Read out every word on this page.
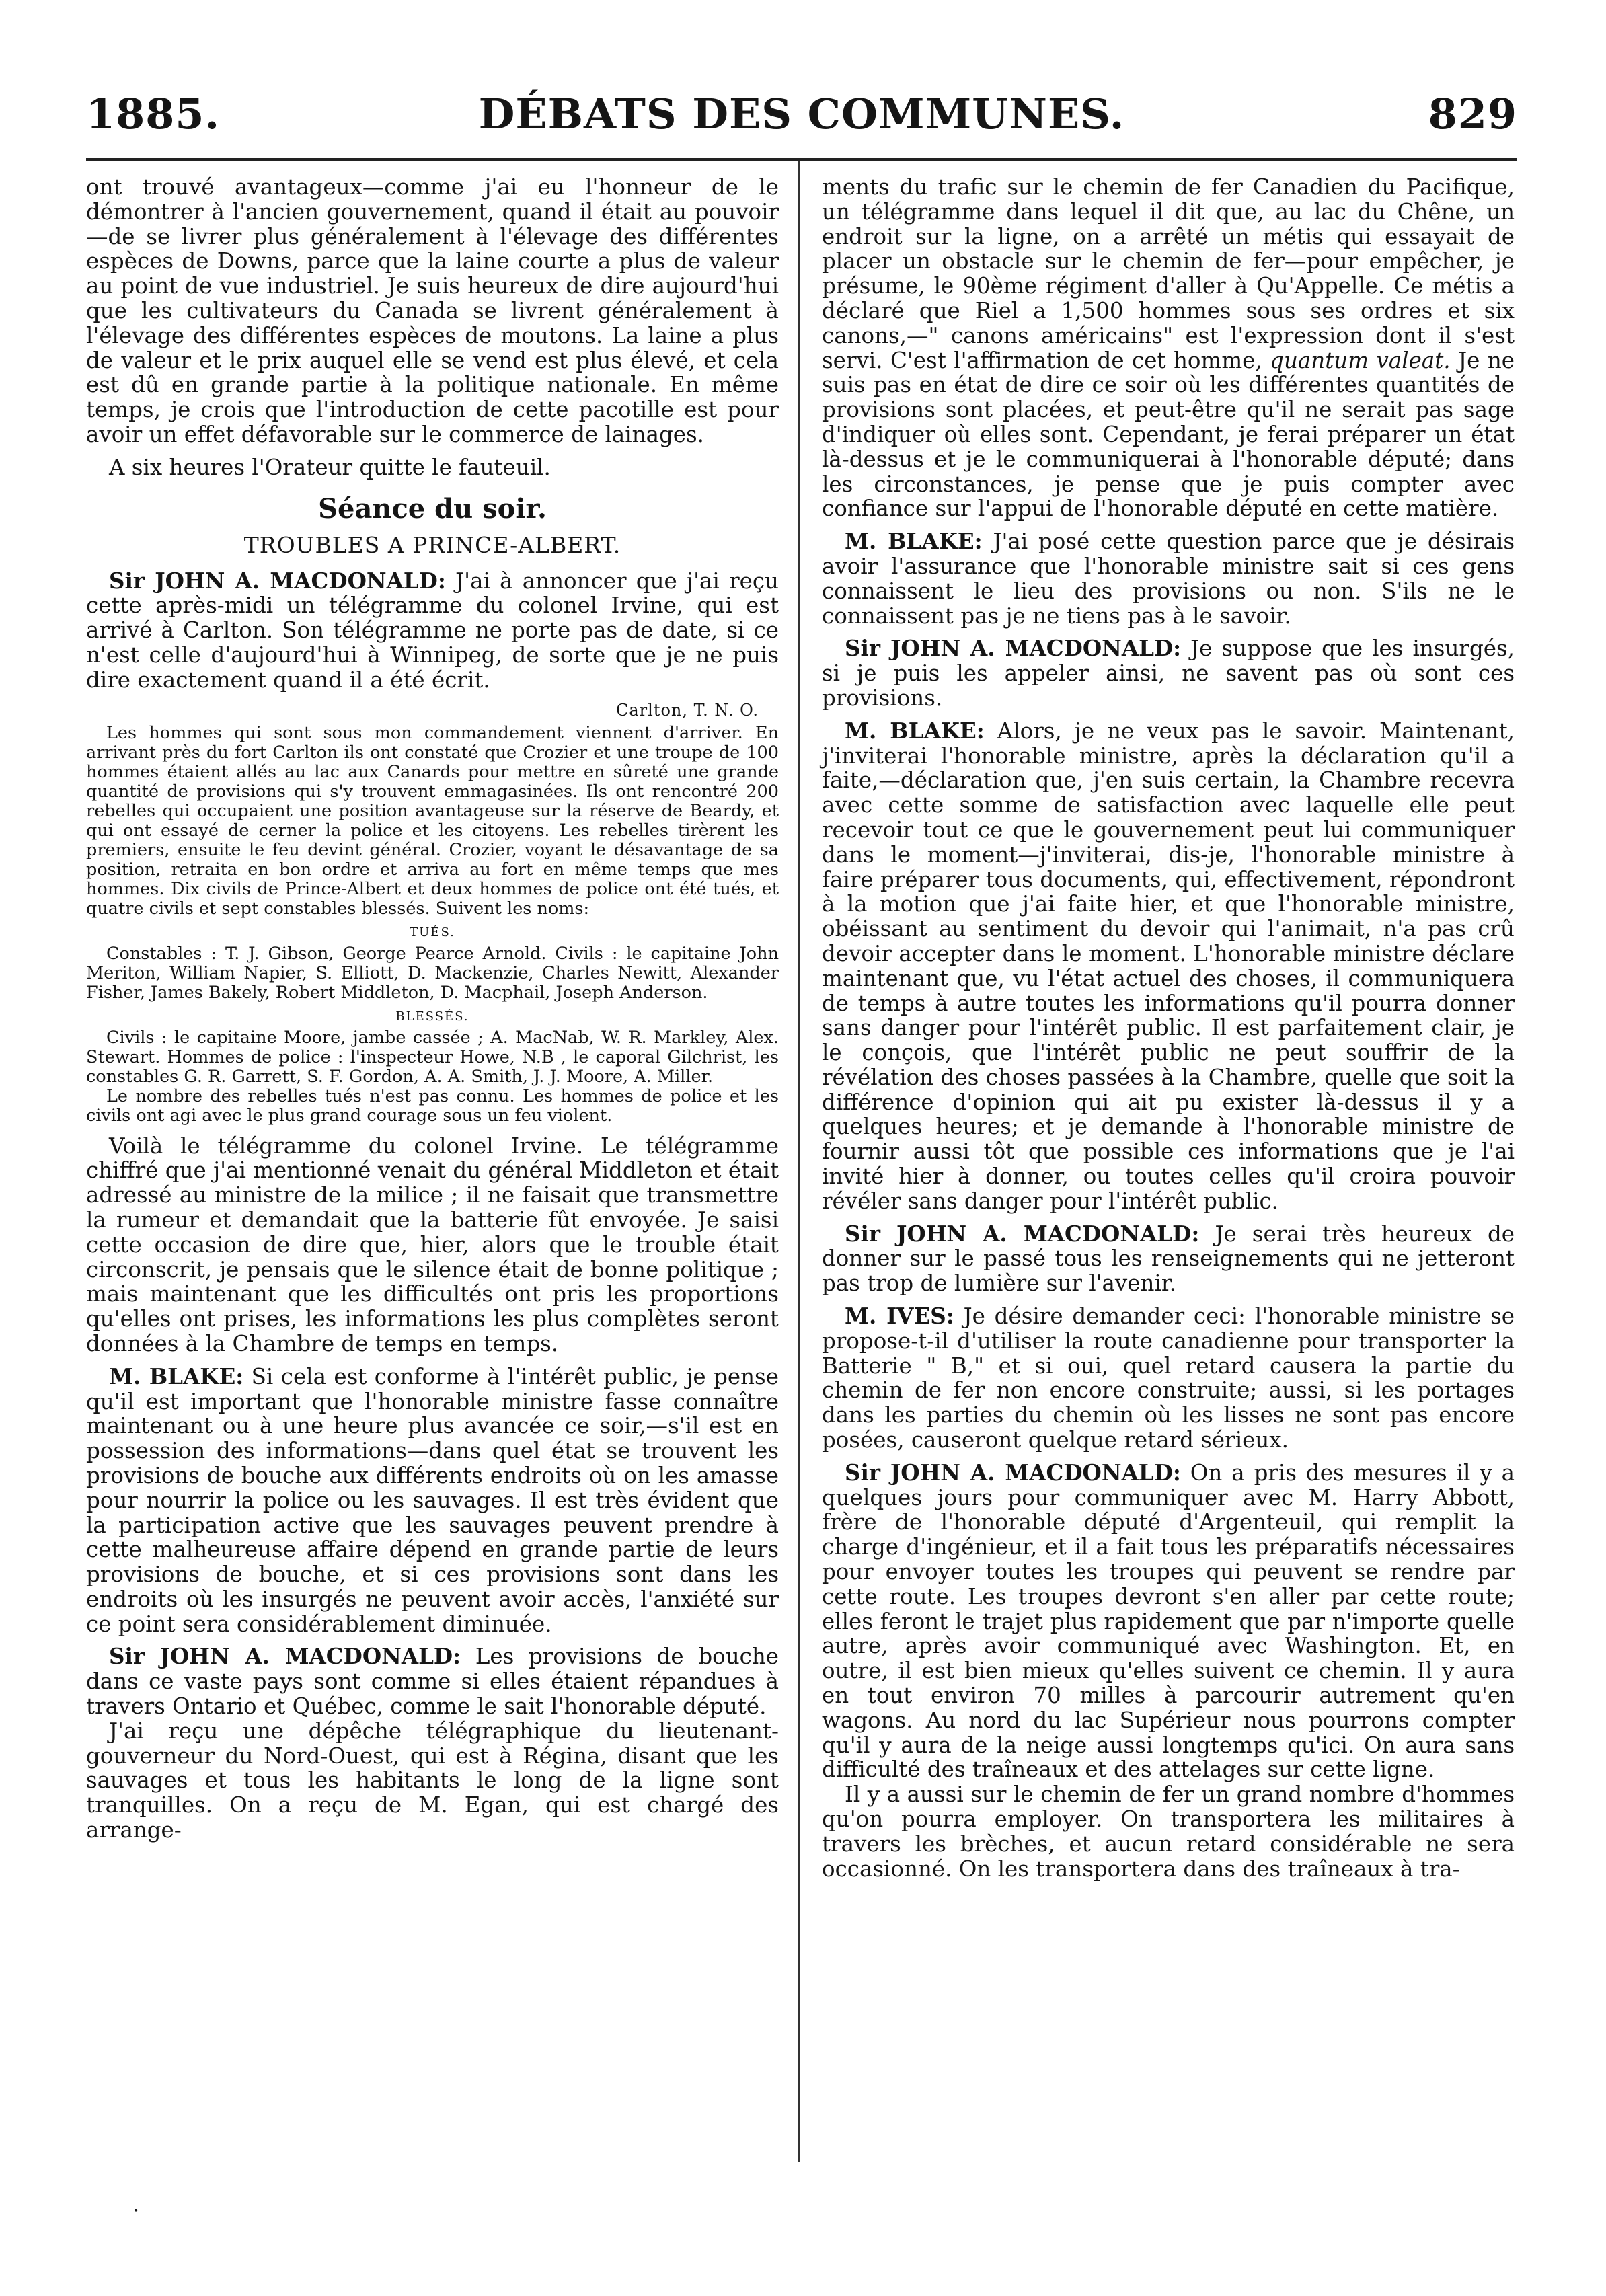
DÉBATS DES COMMUNES.
1885.	829

ont trouvé avantageux—comme j'ai eu l'honneur de le démontrer à l'ancien gouvernement, quand il était au pouvoir—de se livrer plus généralement à l'élevage des différentes espèces de Downs, parce que la laine courte a plus de valeur au point de vue industriel. Je suis heureux de dire aujourd'hui que les cultivateurs du Canada se livrent généralement à l'élevage des différentes espèces de moutons. La laine a plus de valeur et le prix auquel elle se vend est plus élevé, et cela est dû en grande partie à la politique nationale. En même temps, je crois que l'introduction de cette pacotille est pour avoir un effet défavorable sur le commerce de lainages.

A six heures l'Orateur quitte le fauteuil.

Séance du soir.
TROUBLES A PRINCE-ALBERT.

Sir JOHN A. MACDONALD: J'ai à annoncer que j'ai reçu cette après-midi un télégramme du colonel Irvine, qui est arrivé à Carlton. Son télégramme ne porte pas de date, si ce n'est celle d'aujourd'hui à Winnipeg, de sorte que je ne puis dire exactement quand il a été écrit.

Carlton, T. N. O.

Les hommes qui sont sous mon commandement viennent d'arriver. En arrivant près du fort Carlton ils ont constaté que Crozier et une troupe de 100 hommes étaient allés au lac aux Canards pour mettre en sûreté une grande quantité de provisions qui s'y trouvent emmagasinées. Ils ont rencontré 200 rebelles qui occupaient une position avantageuse sur la réserve de Beardy, et qui ont essayé de cerner la police et les citoyens. Les rebelles tirèrent les premiers, ensuite le feu devint général. Crozier, voyant le désavantage de sa position, retraita en bon ordre et arriva au fort en même temps que mes hommes. Dix civils de Prince-Albert et deux hommes de police ont été tués, et quatre civils et sept constables blessés. Suivent les noms:

TUÉS.

Constables : T. J. Gibson, George Pearce Arnold. Civils : le capitaine John Meriton, William Napier, S. Elliott, D. Mackenzie, Charles Newitt, Alexander Fisher, James Bakely, Robert Middleton, D. Macphail, Joseph Anderson.

BLESSÉS.

Civils : le capitaine Moore, jambe cassée ; A. MacNab, W. R. Markley, Alex. Stewart. Hommes de police : l'inspecteur Howe, N.B , le caporal Gilchrist, les constables G. R. Garrett, S. F. Gordon, A. A. Smith, J. J. Moore, A. Miller.

Le nombre des rebelles tués n'est pas connu. Les hommes de police et les civils ont agi avec le plus grand courage sous un feu violent.

Voilà le télégramme du colonel Irvine. Le télégramme chiffré que j'ai mentionné venait du général Middleton et était adressé au ministre de la milice ; il ne faisait que transmettre la rumeur et demandait que la batterie fût envoyée. Je saisi cette occasion de dire que, hier, alors que le trouble était circonscrit, je pensais que le silence était de bonne politique ; mais maintenant que les difficultés ont pris les proportions qu'elles ont prises, les informations les plus complètes seront données à la Chambre de temps en temps.

M. BLAKE: Si cela est conforme à l'intérêt public, je pense qu'il est important que l'honorable ministre fasse connaître maintenant ou à une heure plus avancée ce soir,—s'il est en possession des informations—dans quel état se trouvent les provisions de bouche aux différents endroits où on les amasse pour nourrir la police ou les sauvages. Il est très évident que la participation active que les sauvages peuvent prendre à cette malheureuse affaire dépend en grande partie de leurs provisions de bouche, et si ces provisions sont dans les endroits où les insurgés ne peuvent avoir accès, l'anxiété sur ce point sera considérablement diminuée.

Sir JOHN A. MACDONALD: Les provisions de bouche dans ce vaste pays sont comme si elles étaient répandues à travers Ontario et Québec, comme le sait l'honorable député.

J'ai reçu une dépêche télégraphique du lieutenant-gouverneur du Nord-Ouest, qui est à Régina, disant que les sauvages et tous les habitants le long de la ligne sont tranquilles. On a reçu de M. Egan, qui est chargé des arrange-

ments du trafic sur le chemin de fer Canadien du Pacifique, un télégramme dans lequel il dit que, au lac du Chêne, un endroit sur la ligne, on a arrêté un métis qui essayait de placer un obstacle sur le chemin de fer—pour empêcher, je présume, le 90ème régiment d'aller à Qu'Appelle. Ce métis a déclaré que Riel a 1,500 hommes sous ses ordres et six canons,—" canons américains" est l'expression dont il s'est servi. C'est l'affirmation de cet homme, quantum valeat. Je ne suis pas en état de dire ce soir où les différentes quantités de provisions sont placées, et peut-être qu'il ne serait pas sage d'indiquer où elles sont. Cependant, je ferai préparer un état là-dessus et je le communiquerai à l'honorable député; dans les circonstances, je pense que je puis compter avec confiance sur l'appui de l'honorable député en cette matière.

M. BLAKE: J'ai posé cette question parce que je désirais avoir l'assurance que l'honorable ministre sait si ces gens connaissent le lieu des provisions ou non. S'ils ne le connaissent pas je ne tiens pas à le savoir.

Sir JOHN A. MACDONALD: Je suppose que les insurgés, si je puis les appeler ainsi, ne savent pas où sont ces provisions.

M. BLAKE: Alors, je ne veux pas le savoir. Maintenant, j'inviterai l'honorable ministre, après la déclaration qu'il a faite,—déclaration que, j'en suis certain, la Chambre recevra avec cette somme de satisfaction avec laquelle elle peut recevoir tout ce que le gouvernement peut lui communiquer dans le moment—j'inviterai, dis-je, l'honorable ministre à faire préparer tous documents, qui, effectivement, répondront à la motion que j'ai faite hier, et que l'honorable ministre, obéissant au sentiment du devoir qui l'animait, n'a pas crû devoir accepter dans le moment. L'honorable ministre déclare maintenant que, vu l'état actuel des choses, il communiquera de temps à autre toutes les informations qu'il pourra donner sans danger pour l'intérêt public. Il est parfaitement clair, je le conçois, que l'intérêt public ne peut souffrir de la révélation des choses passées à la Chambre, quelle que soit la différence d'opinion qui ait pu exister là-dessus il y a quelques heures; et je demande à l'honorable ministre de fournir aussi tôt que possible ces informations que je l'ai invité hier à donner, ou toutes celles qu'il croira pouvoir révéler sans danger pour l'intérêt public.

Sir JOHN A. MACDONALD: Je serai très heureux de donner sur le passé tous les renseignements qui ne jetteront pas trop de lumière sur l'avenir.

M. IVES: Je désire demander ceci: l'honorable ministre se propose-t-il d'utiliser la route canadienne pour transporter la Batterie " B," et si oui, quel retard causera la partie du chemin de fer non encore construite; aussi, si les portages dans les parties du chemin où les lisses ne sont pas encore posées, causeront quelque retard sérieux.

Sir JOHN A. MACDONALD: On a pris des mesures il y a quelques jours pour communiquer avec M. Harry Abbott, frère de l'honorable député d'Argenteuil, qui remplit la charge d'ingénieur, et il a fait tous les préparatifs nécessaires pour envoyer toutes les troupes qui peuvent se rendre par cette route. Les troupes devront s'en aller par cette route; elles feront le trajet plus rapidement que par n'importe quelle autre, après avoir communiqué avec Washington. Et, en outre, il est bien mieux qu'elles suivent ce chemin. Il y aura en tout environ 70 milles à parcourir autrement qu'en wagons. Au nord du lac Supérieur nous pourrons compter qu'il y aura de la neige aussi longtemps qu'ici. On aura sans difficulté des traîneaux et des attelages sur cette ligne.

Il y a aussi sur le chemin de fer un grand nombre d'hommes qu'on pourra employer. On transportera les militaires à travers les brèches, et aucun retard considérable ne sera occasionné. On les transportera dans des traîneaux à tra-

•
